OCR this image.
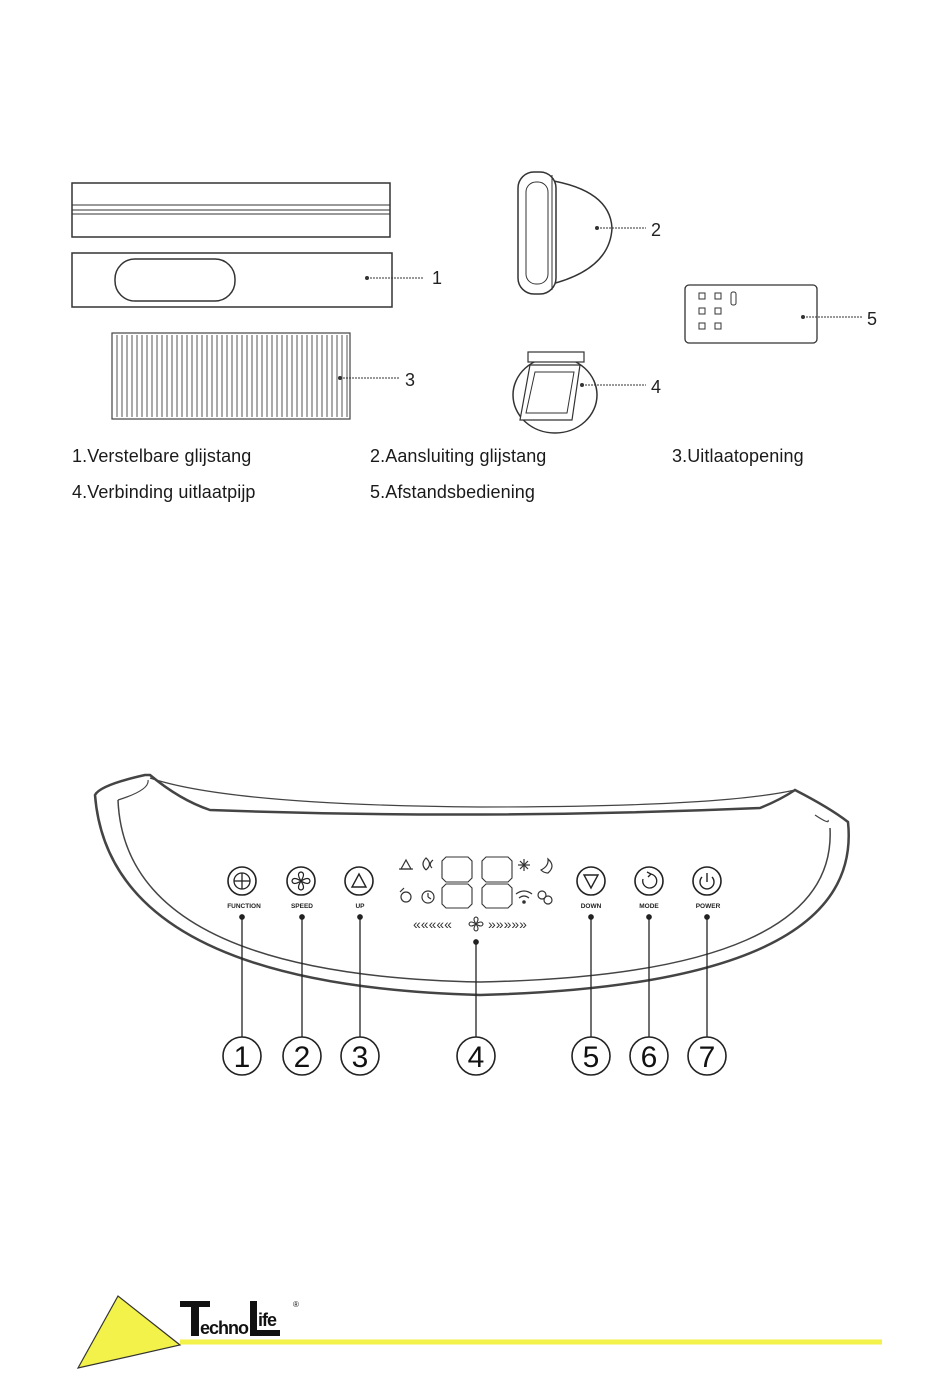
1
3
2
4
5
1.Verstelbare glijstang	2.Aansluiting glijstang	3.Uitlaatopening
4.Verbinding uitlaatpijp	5.Afstandsbediening
«««««	»»»»»
FUNCTION	SPEED	UP	DOWN	MODE	POWER
1 2 3	4	5 6 7
echno ife
®
